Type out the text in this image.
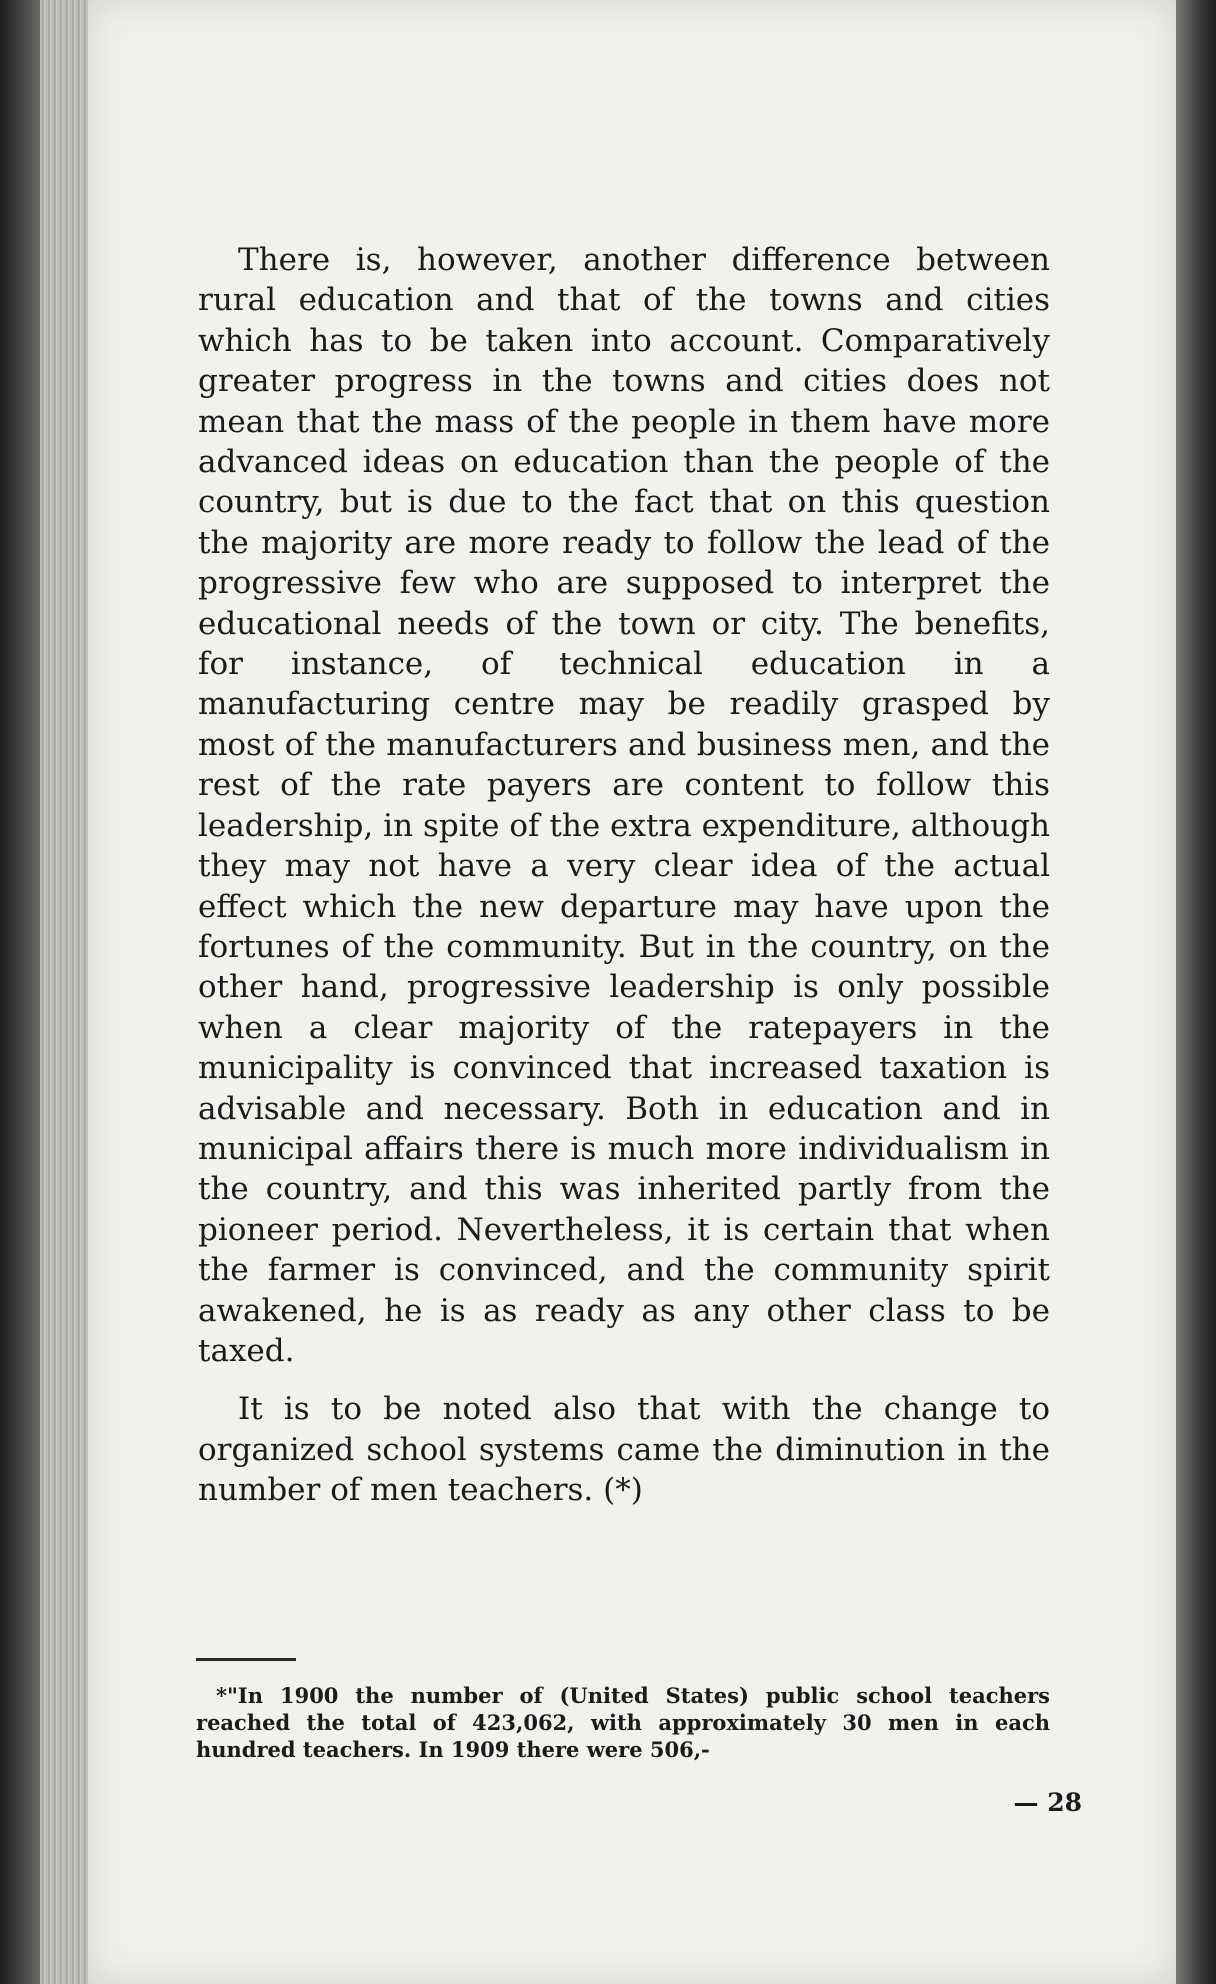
There is, however, another difference between rural education and that of the towns and cities which has to be taken into account. Comparatively greater progress in the towns and cities does not mean that the mass of the people in them have more advanced ideas on education than the people of the country, but is due to the fact that on this question the majority are more ready to follow the lead of the progressive few who are supposed to interpret the educational needs of the town or city. The benefits, for instance, of technical education in a manufacturing centre may be readily grasped by most of the manufacturers and business men, and the rest of the rate payers are content to follow this leadership, in spite of the extra expenditure, although they may not have a very clear idea of the actual effect which the new departure may have upon the fortunes of the community. But in the country, on the other hand, progressive leadership is only possible when a clear majority of the ratepayers in the municipality is convinced that increased taxation is advisable and necessary. Both in education and in municipal affairs there is much more individualism in the country, and this was inherited partly from the pioneer period. Nevertheless, it is certain that when the farmer is convinced, and the community spirit awakened, he is as ready as any other class to be taxed.

It is to be noted also that with the change to organized school systems came the diminution in the number of men teachers. (*)

*"In 1900 the number of (United States) public school teachers reached the total of 423,062, with approximately 30 men in each hundred teachers. In 1909 there were 506,-

— 28
